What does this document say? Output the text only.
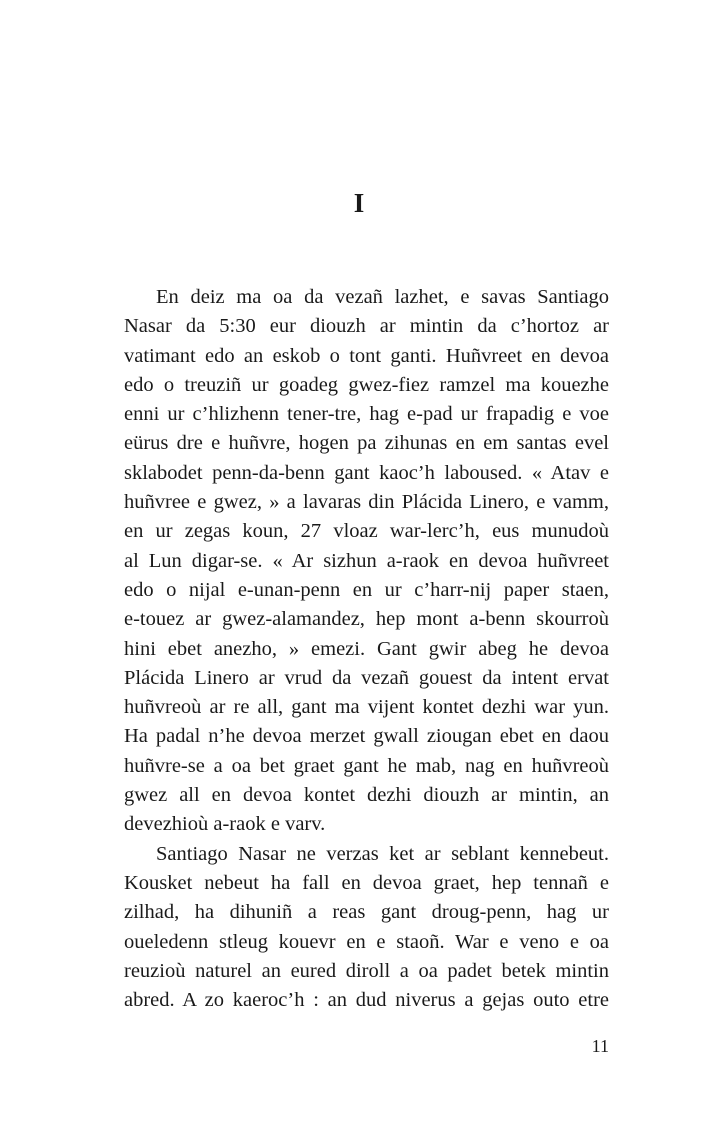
I
En deiz ma oa da vezañ lazhet, e savas Santiago
Nasar da 5:30 eur diouzh ar mintin da c’hortoz ar
vatimant edo an eskob o tont ganti. Huñvreet en devoa
edo o treuziñ ur goadeg gwez-fiez ramzel ma kouezhe
enni ur c’hlizhenn tener-tre, hag e-pad ur frapadig e voe
eürus dre e huñvre, hogen pa zihunas en em santas evel
sklabodet penn-da-benn gant kaoc’h laboused. « Atav e
huñvree e gwez, » a lavaras din Plácida Linero, e vamm,
en ur zegas koun, 27 vloaz war-lerc’h, eus munudoù
al Lun digar-se. « Ar sizhun a-raok en devoa huñvreet
edo o nijal e-unan-penn en ur c’harr-nij paper staen,
e-touez ar gwez-alamandez, hep mont a-benn skourroù
hini ebet anezho, » emezi. Gant gwir abeg he devoa
Plácida Linero ar vrud da vezañ gouest da intent ervat
huñvreoù ar re all, gant ma vijent kontet dezhi war yun.
Ha padal n’he devoa merzet gwall ziougan ebet en daou
huñvre-se a oa bet graet gant he mab, nag en huñvreoù
gwez all en devoa kontet dezhi diouzh ar mintin, an
devezhioù a-raok e varv.
Santiago Nasar ne verzas ket ar seblant kennebeut.
Kousket nebeut ha fall en devoa graet, hep tennañ e
zilhad, ha dihuniñ a reas gant droug-penn, hag ur
oueledenn stleug kouevr en e staoñ. War e veno e oa
reuzioù naturel an eured diroll a oa padet betek mintin
abred. A zo kaeroc’h : an dud niverus a gejas outo etre
11
